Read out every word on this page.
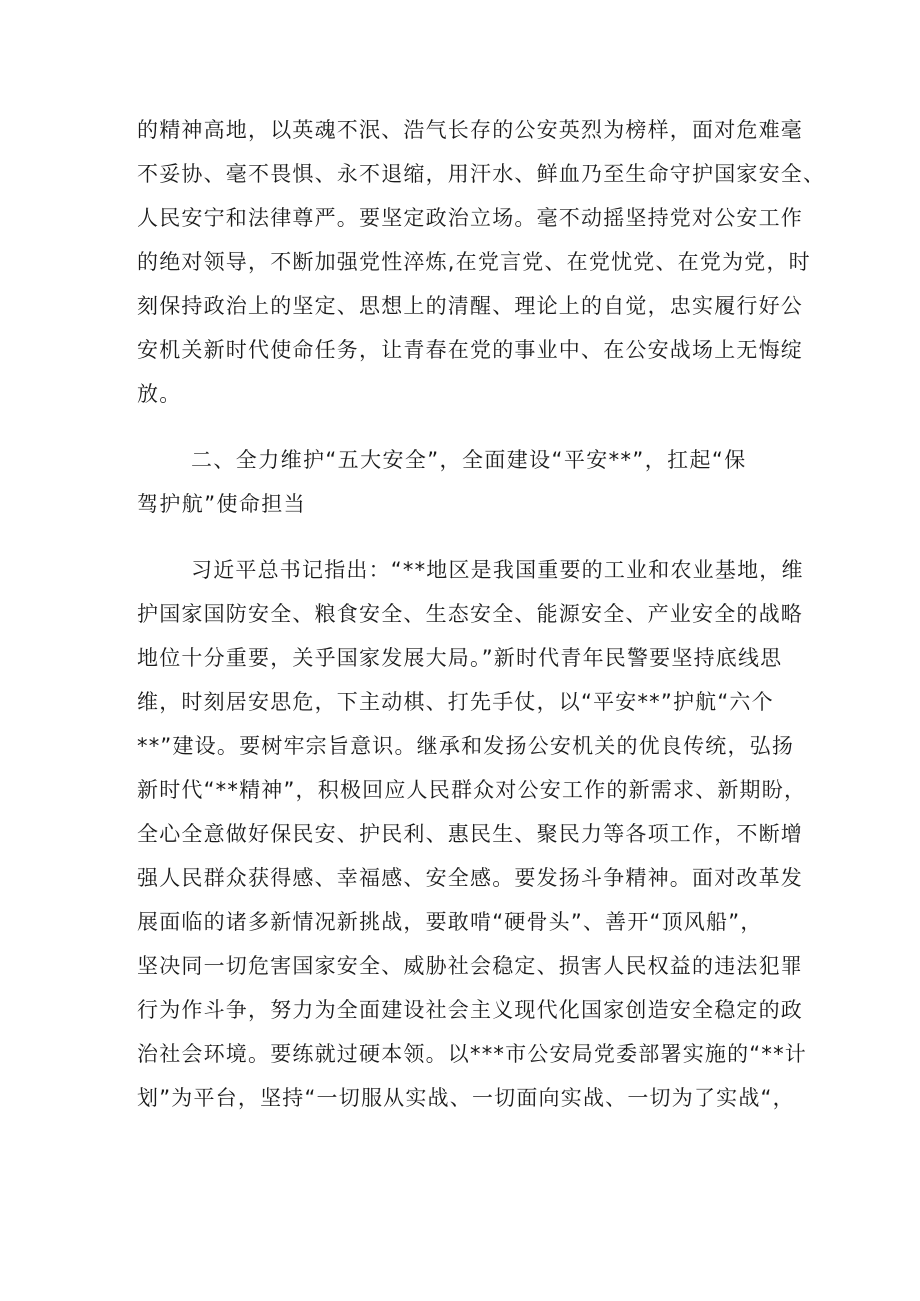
的精神高地，以英魂不泯、浩气长存的公安英烈为榜样，面对危难毫
不妥协、毫不畏惧、永不退缩，用汗水、鲜血乃至生命守护国家安全、
人民安宁和法律尊严。要坚定政治立场。毫不动摇坚持党对公安工作
的绝对领导，不断加强党性淬炼,在党言党、在党忧党、在党为党，时
刻保持政治上的坚定、思想上的清醒、理论上的自觉，忠实履行好公
安机关新时代使命任务，让青春在党的事业中、在公安战场上无悔绽
放。
二、全力维护“五大安全”，全面建设“平安**”，扛起“保
驾护航”使命担当
习近平总书记指出：“**地区是我国重要的工业和农业基地，维
护国家国防安全、粮食安全、生态安全、能源安全、产业安全的战略
地位十分重要，关乎国家发展大局。”新时代青年民警要坚持底线思
维，时刻居安思危，下主动棋、打先手仗，以“平安**”护航“六个
**”建设。要树牢宗旨意识。继承和发扬公安机关的优良传统，弘扬
新时代“**精神”，积极回应人民群众对公安工作的新需求、新期盼，
全心全意做好保民安、护民利、惠民生、聚民力等各项工作，不断增
强人民群众获得感、幸福感、安全感。要发扬斗争精神。面对改革发
展面临的诸多新情况新挑战，要敢啃“硬骨头”、善开“顶风船”，
坚决同一切危害国家安全、威胁社会稳定、损害人民权益的违法犯罪
行为作斗争，努力为全面建设社会主义现代化国家创造安全稳定的政
治社会环境。要练就过硬本领。以***市公安局党委部署实施的“**计
划”为平台，坚持“一切服从实战、一切面向实战、一切为了实战“，
